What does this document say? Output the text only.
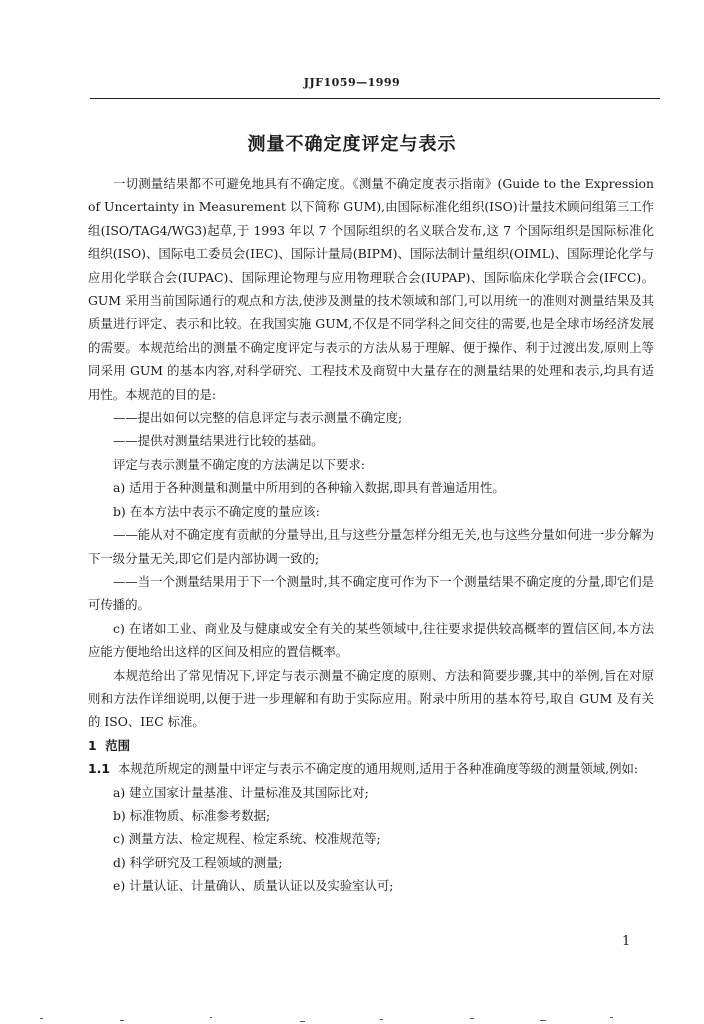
JJF1059—1999
测量不确定度评定与表示

一切测量结果都不可避免地具有不确定度。《测量不确定度表示指南》(Guide to the Expression of Uncertainty in Measurement 以下简称 GUM),由国际标准化组织(ISO)计量技术顾问组第三工作组(ISO/TAG4/WG3)起草,于 1993 年以 7 个国际组织的名义联合发布,这 7 个国际组织是国际标准化组织(ISO)、国际电工委员会(IEC)、国际计量局(BIPM)、国际法制计量组织(OIML)、国际理论化学与应用化学联合会(IUPAC)、国际理论物理与应用物理联合会(IUPAP)、国际临床化学联合会(IFCC)。GUM 采用当前国际通行的观点和方法,使涉及测量的技术领域和部门,可以用统一的准则对测量结果及其质量进行评定、表示和比较。在我国实施 GUM,不仅是不同学科之间交往的需要,也是全球市场经济发展的需要。本规范给出的测量不确定度评定与表示的方法从易于理解、便于操作、利于过渡出发,原则上等同采用 GUM 的基本内容,对科学研究、工程技术及商贸中大量存在的测量结果的处理和表示,均具有适用性。本规范的目的是:

——提出如何以完整的信息评定与表示测量不确定度;

——提供对测量结果进行比较的基础。

评定与表示测量不确定度的方法满足以下要求:

a) 适用于各种测量和测量中所用到的各种输入数据,即具有普遍适用性。

b) 在本方法中表示不确定度的量应该:

——能从对不确定度有贡献的分量导出,且与这些分量怎样分组无关,也与这些分量如何进一步分解为下一级分量无关,即它们是内部协调一致的;

——当一个测量结果用于下一个测量时,其不确定度可作为下一个测量结果不确定度的分量,即它们是可传播的。

c) 在诸如工业、商业及与健康或安全有关的某些领域中,往往要求提供较高概率的置信区间,本方法应能方便地给出这样的区间及相应的置信概率。

本规范给出了常见情况下,评定与表示测量不确定度的原则、方法和简要步骤,其中的举例,旨在对原则和方法作详细说明,以便于进一步理解和有助于实际应用。附录中所用的基本符号,取自 GUM 及有关的 ISO、IEC 标准。

1 范围

1.1 本规范所规定的测量中评定与表示不确定度的通用规则,适用于各种准确度等级的测量领域,例如:

a) 建立国家计量基准、计量标准及其国际比对;

b) 标准物质、标准参考数据;

c) 测量方法、检定规程、检定系统、校准规范等;

d) 科学研究及工程领域的测量;

e) 计量认证、计量确认、质量认证以及实验室认可;

1
